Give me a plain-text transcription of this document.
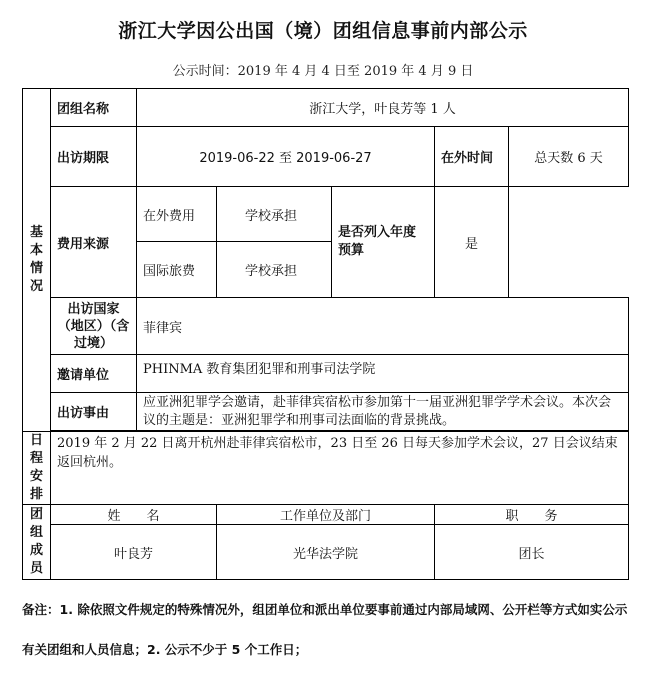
浙江大学因公出国（境）团组信息事前内部公示
公示时间：2019 年 4 月 4 日至 2019 年 4 月 9 日
基
本
情
况	团组名称	浙江大学，叶良芳等 1 人				
	出访期限	2019-06-22 至 2019-06-27			在外时间	总天数 6 天
	费用来源	在外费用	学校承担	是否列入年度预算	是	
		国际旅费	学校承担			
	出访国家（地区）（含过境）	菲律宾				
	邀请单位	PHINMA 教育集团犯罪和刑事司法学院				
	出访事由	应亚洲犯罪学会邀请，赴菲律宾宿松市参加第十一届亚洲犯罪学学术会议。本次会议的主题是：亚洲犯罪学和刑事司法面临的背景挑战。				

日
程
安
排	2019 年 2 月 22 日离开杭州赴菲律宾宿松市，23 日至 26 日每天参加学术会议，27 日会议结束返回杭州。					

团
组
成
员	姓　　名		工作单位及部门		职　　务	
	叶良芳		光华法学院		团长	
备注：1. 除依照文件规定的特殊情况外，组团单位和派出单位要事前通过内部局域网、公开栏等方式如实公示有关团组和人员信息；2. 公示不少于 5 个工作日；
